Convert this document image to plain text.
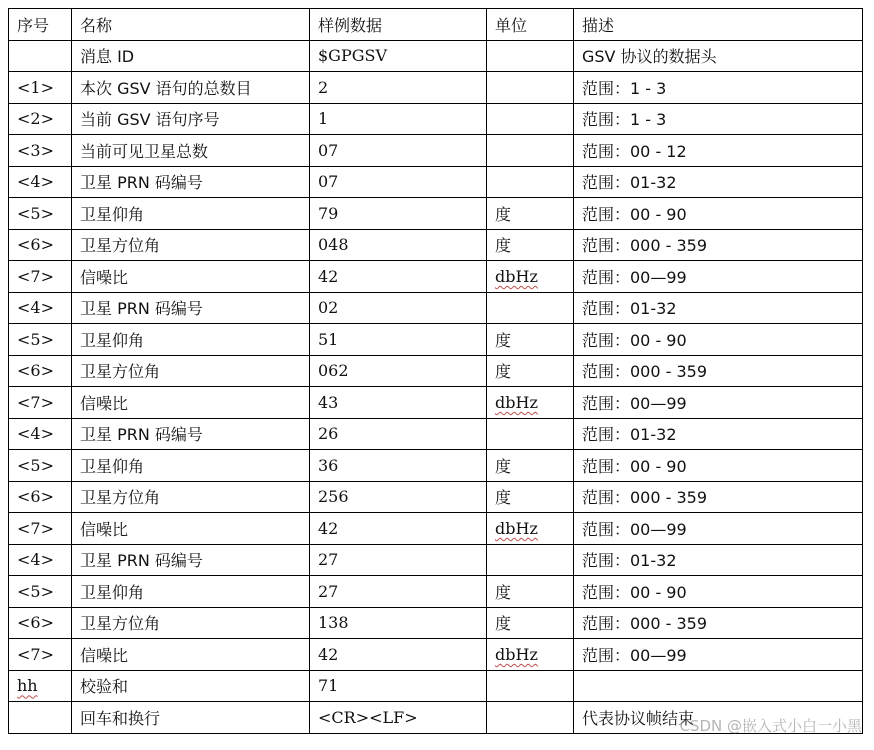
序号	名称	样例数据	单位	描述
	消息 ID	$GPGSV		GSV 协议的数据头
<1>	本次 GSV 语句的总数目	2		范围：1 - 3
<2>	当前 GSV 语句序号	1		范围：1 - 3
<3>	当前可见卫星总数	07		范围：00 - 12
<4>	卫星 PRN 码编号	07		范围：01-32
<5>	卫星仰角	79	度	范围：00 - 90
<6>	卫星方位角	048	度	范围：000 - 359
<7>	信噪比	42	dbHz	范围：00—99
<4>	卫星 PRN 码编号	02		范围：01-32
<5>	卫星仰角	51	度	范围：00 - 90
<6>	卫星方位角	062	度	范围：000 - 359
<7>	信噪比	43	dbHz	范围：00—99
<4>	卫星 PRN 码编号	26		范围：01-32
<5>	卫星仰角	36	度	范围：00 - 90
<6>	卫星方位角	256	度	范围：000 - 359
<7>	信噪比	42	dbHz	范围：00—99
<4>	卫星 PRN 码编号	27		范围：01-32
<5>	卫星仰角	27	度	范围：00 - 90
<6>	卫星方位角	138	度	范围：000 - 359
<7>	信噪比	42	dbHz	范围：00—99
hh	校验和	71		
	回车和换行	<CR><LF>		代表协议帧结束
CSDN @嵌入式小白一小黑
